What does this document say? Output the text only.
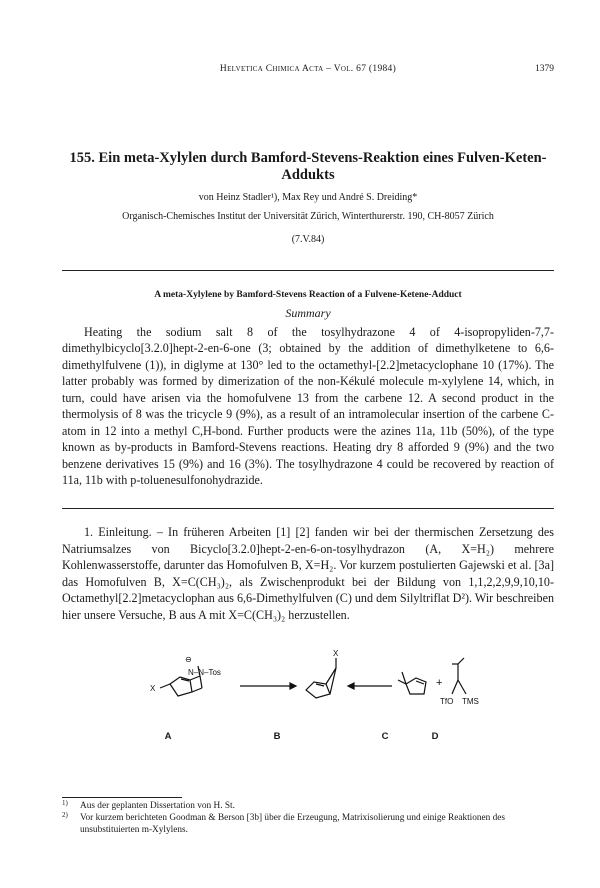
Helvetica Chimica Acta – Vol. 67 (1984)	1379
155. Ein meta-Xylylen durch Bamford-Stevens-Reaktion eines Fulven-Keten-Addukts
von Heinz Stadler¹), Max Rey und André S. Dreiding*
Organisch-Chemisches Institut der Universität Zürich, Winterthurerstr. 190, CH-8057 Zürich
(7.V.84)
A meta-Xylylene by Bamford-Stevens Reaction of a Fulvene-Ketene-Adduct
Summary
Heating the sodium salt 8 of the tosylhydrazone 4 of 4-isopropyliden-7,7-dimethylbicyclo[3.2.0]hept-2-en-6-one (3; obtained by the addition of dimethylketene to 6,6-dimethylfulvene (1)), in diglyme at 130° led to the octamethyl-[2.2]metacyclophane 10 (17%). The latter probably was formed by dimerization of the non-Kékulé molecule m-xylylene 14, which, in turn, could have arisen via the homofulvene 13 from the carbene 12. A second product in the thermolysis of 8 was the tricycle 9 (9%), as a result of an intramolecular insertion of the carbene C-atom in 12 into a methyl C,H-bond. Further products were the azines 11a, 11b (50%), of the type known as by-products in Bamford-Stevens reactions. Heating dry 8 afforded 9 (9%) and the two benzene derivatives 15 (9%) and 16 (3%). The tosylhydrazone 4 could be recovered by reaction of 11a, 11b with p-toluenesulfonohydrazide.
1. Einleitung. – In früheren Arbeiten [1] [2] fanden wir bei der thermischen Zersetzung des Natriumsalzes von Bicyclo[3.2.0]hept-2-en-6-on-tosylhydrazon (A, X=H₂) mehrere Kohlenwasserstoffe, darunter das Homofulven B, X=H₂. Vor kurzem postulierten Gajewski et al. [3a] das Homofulven B, X=C(CH₃)₂, als Zwischenprodukt bei der Bildung von 1,1,2,2,9,9,10,10-Octamethyl[2.2]metacyclophan aus 6,6-Dimethylfulven (C) und dem Silyltriflat D²). Wir beschreiben hier unsere Versuche, B aus A mit X=C(CH₃)₂ herzustellen.
⊖
N–N–Tos
X
X
+
TfO TMS
A	B	C	D
1) Aus der geplanten Dissertation von H. St.
2) Vor kurzem berichteten Goodman & Berson [3b] über die Erzeugung, Matrixisolierung und einige Reaktionen des unsubstituierten m-Xylylens.
